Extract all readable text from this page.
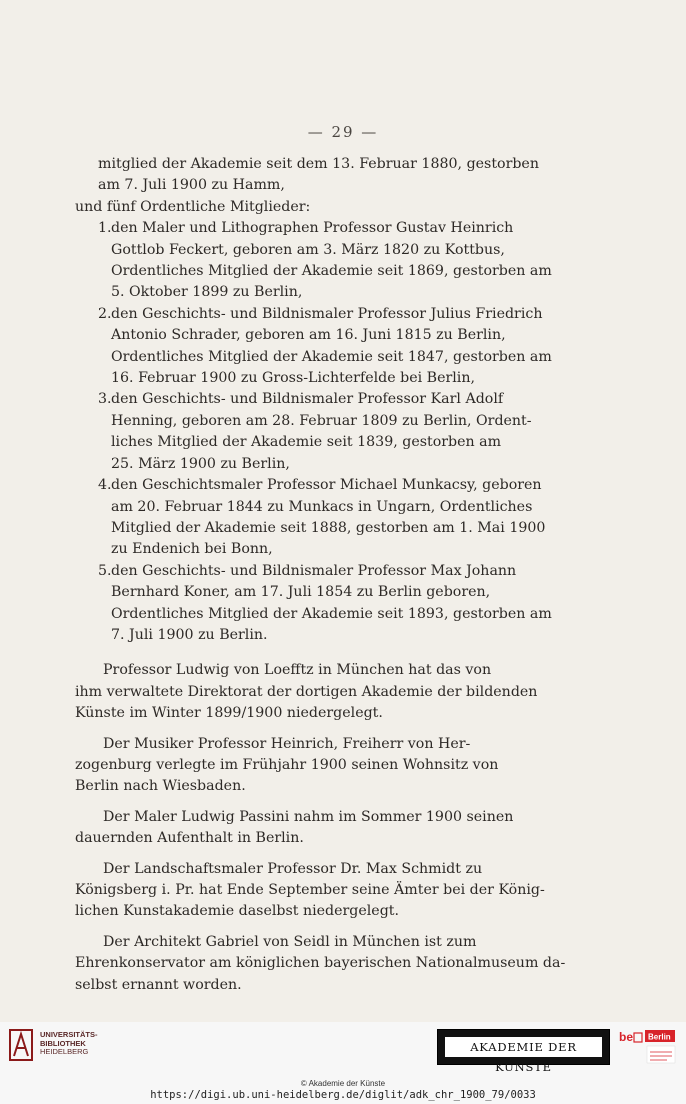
— 29 —
mitglied der Akademie seit dem 13. Februar 1880, gestorben
am 7. Juli 1900 zu Hamm,
und fünf Ordentliche Mitglieder:
1. den Maler und Lithographen Professor Gustav Heinrich
Gottlob Feckert, geboren am 3. März 1820 zu Kottbus,
Ordentliches Mitglied der Akademie seit 1869, gestorben am
5. Oktober 1899 zu Berlin,
2. den Geschichts- und Bildnismaler Professor Julius Friedrich
Antonio Schrader, geboren am 16. Juni 1815 zu Berlin,
Ordentliches Mitglied der Akademie seit 1847, gestorben am
16. Februar 1900 zu Gross-Lichterfelde bei Berlin,
3. den Geschichts- und Bildnismaler Professor Karl Adolf
Henning, geboren am 28. Februar 1809 zu Berlin, Ordent-
liches Mitglied der Akademie seit 1839, gestorben am
25. März 1900 zu Berlin,
4. den Geschichtsmaler Professor Michael Munkacsy, geboren
am 20. Februar 1844 zu Munkacs in Ungarn, Ordentliches
Mitglied der Akademie seit 1888, gestorben am 1. Mai 1900
zu Endenich bei Bonn,
5. den Geschichts- und Bildnismaler Professor Max Johann
Bernhard Koner, am 17. Juli 1854 zu Berlin geboren,
Ordentliches Mitglied der Akademie seit 1893, gestorben am
7. Juli 1900 zu Berlin.
Professor Ludwig von Loefftz in München hat das von
ihm verwaltete Direktorat der dortigen Akademie der bildenden
Künste im Winter 1899/1900 niedergelegt.
Der Musiker Professor Heinrich, Freiherr von Her-
zogenburg verlegte im Frühjahr 1900 seinen Wohnsitz von
Berlin nach Wiesbaden.
Der Maler Ludwig Passini nahm im Sommer 1900 seinen
dauernden Aufenthalt in Berlin.
Der Landschaftsmaler Professor Dr. Max Schmidt zu
Königsberg i. Pr. hat Ende September seine Ämter bei der König-
lichen Kunstakademie daselbst niedergelegt.
Der Architekt Gabriel von Seidl in München ist zum
Ehrenkonservator am königlichen bayerischen Nationalmuseum da-
selbst ernannt worden.
UNIVERSITÄTS-
BIBLIOTHEK
HEIDELBERG	AKADEMIE DER KÜNSTE
be Berlin
© Akademie der Künste
https://digi.ub.uni-heidelberg.de/diglit/adk_chr_1900_79/0033
